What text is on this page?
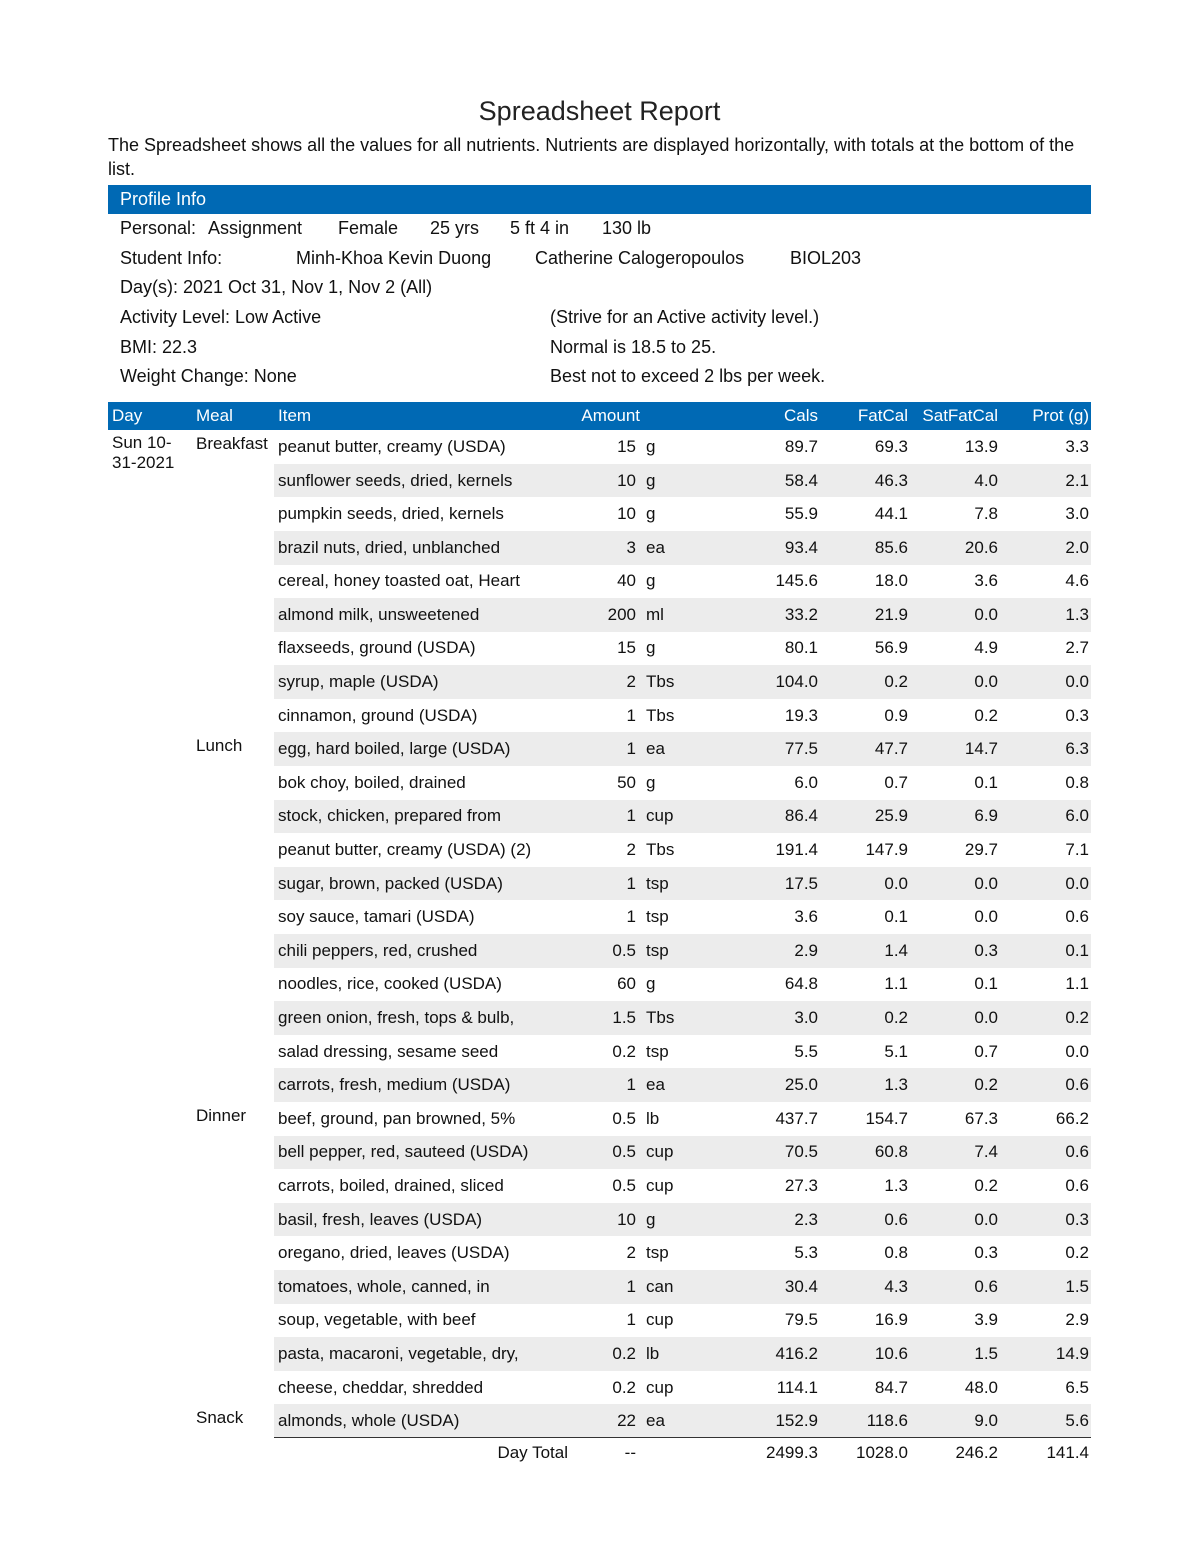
Spreadsheet Report

The Spreadsheet shows all the values for all nutrients. Nutrients are displayed horizontally, with totals at the bottom of the list.

Profile Info
Personal: Assignment Female 25 yrs 5 ft 4 in 130 lb
Student Info:	Minh-Khoa Kevin Duong Catherine Calogeropoulos	BIOL203
Day(s): 2021 Oct 31, Nov 1, Nov 2 (All)
Activity Level: Low Active	(Strive for an Active activity level.)
BMI: 22.3	Normal is 18.5 to 25.
Weight Change: None	Best not to exceed 2 lbs per week.
Day	Meal	Item	Amount		Cals	FatCal	SatFatCal	Prot (g)
Sun 10-31-2021	Breakfast	peanut butter, creamy (USDA)	15	g	89.7	69.3	13.9	3.3
		sunflower seeds, dried, kernels	10	g	58.4	46.3	4.0	2.1
		pumpkin seeds, dried, kernels	10	g	55.9	44.1	7.8	3.0
		brazil nuts, dried, unblanched	3	ea	93.4	85.6	20.6	2.0
		cereal, honey toasted oat, Heart	40	g	145.6	18.0	3.6	4.6
		almond milk, unsweetened	200	ml	33.2	21.9	0.0	1.3
		flaxseeds, ground (USDA)	15	g	80.1	56.9	4.9	2.7
		syrup, maple (USDA)	2	Tbs	104.0	0.2	0.0	0.0
		cinnamon, ground (USDA)	1	Tbs	19.3	0.9	0.2	0.3
	Lunch	egg, hard boiled, large (USDA)	1	ea	77.5	47.7	14.7	6.3
		bok choy, boiled, drained	50	g	6.0	0.7	0.1	0.8
		stock, chicken, prepared from	1	cup	86.4	25.9	6.9	6.0
		peanut butter, creamy (USDA) (2)	2	Tbs	191.4	147.9	29.7	7.1
		sugar, brown, packed (USDA)	1	tsp	17.5	0.0	0.0	0.0
		soy sauce, tamari (USDA)	1	tsp	3.6	0.1	0.0	0.6
		chili peppers, red, crushed	0.5	tsp	2.9	1.4	0.3	0.1
		noodles, rice, cooked (USDA)	60	g	64.8	1.1	0.1	1.1
		green onion, fresh, tops & bulb,	1.5	Tbs	3.0	0.2	0.0	0.2
		salad dressing, sesame seed	0.2	tsp	5.5	5.1	0.7	0.0
		carrots, fresh, medium (USDA)	1	ea	25.0	1.3	0.2	0.6
	Dinner	beef, ground, pan browned, 5%	0.5	lb	437.7	154.7	67.3	66.2
		bell pepper, red, sauteed (USDA)	0.5	cup	70.5	60.8	7.4	0.6
		carrots, boiled, drained, sliced	0.5	cup	27.3	1.3	0.2	0.6
		basil, fresh, leaves (USDA)	10	g	2.3	0.6	0.0	0.3
		oregano, dried, leaves (USDA)	2	tsp	5.3	0.8	0.3	0.2
		tomatoes, whole, canned, in	1	can	30.4	4.3	0.6	1.5
		soup, vegetable, with beef	1	cup	79.5	16.9	3.9	2.9
		pasta, macaroni, vegetable, dry,	0.2	lb	416.2	10.6	1.5	14.9
		cheese, cheddar, shredded	0.2	cup	114.1	84.7	48.0	6.5
	Snack	almonds, whole (USDA)	22	ea	152.9	118.6	9.0	5.6
		Day Total	--		2499.3	1028.0	246.2	141.4
